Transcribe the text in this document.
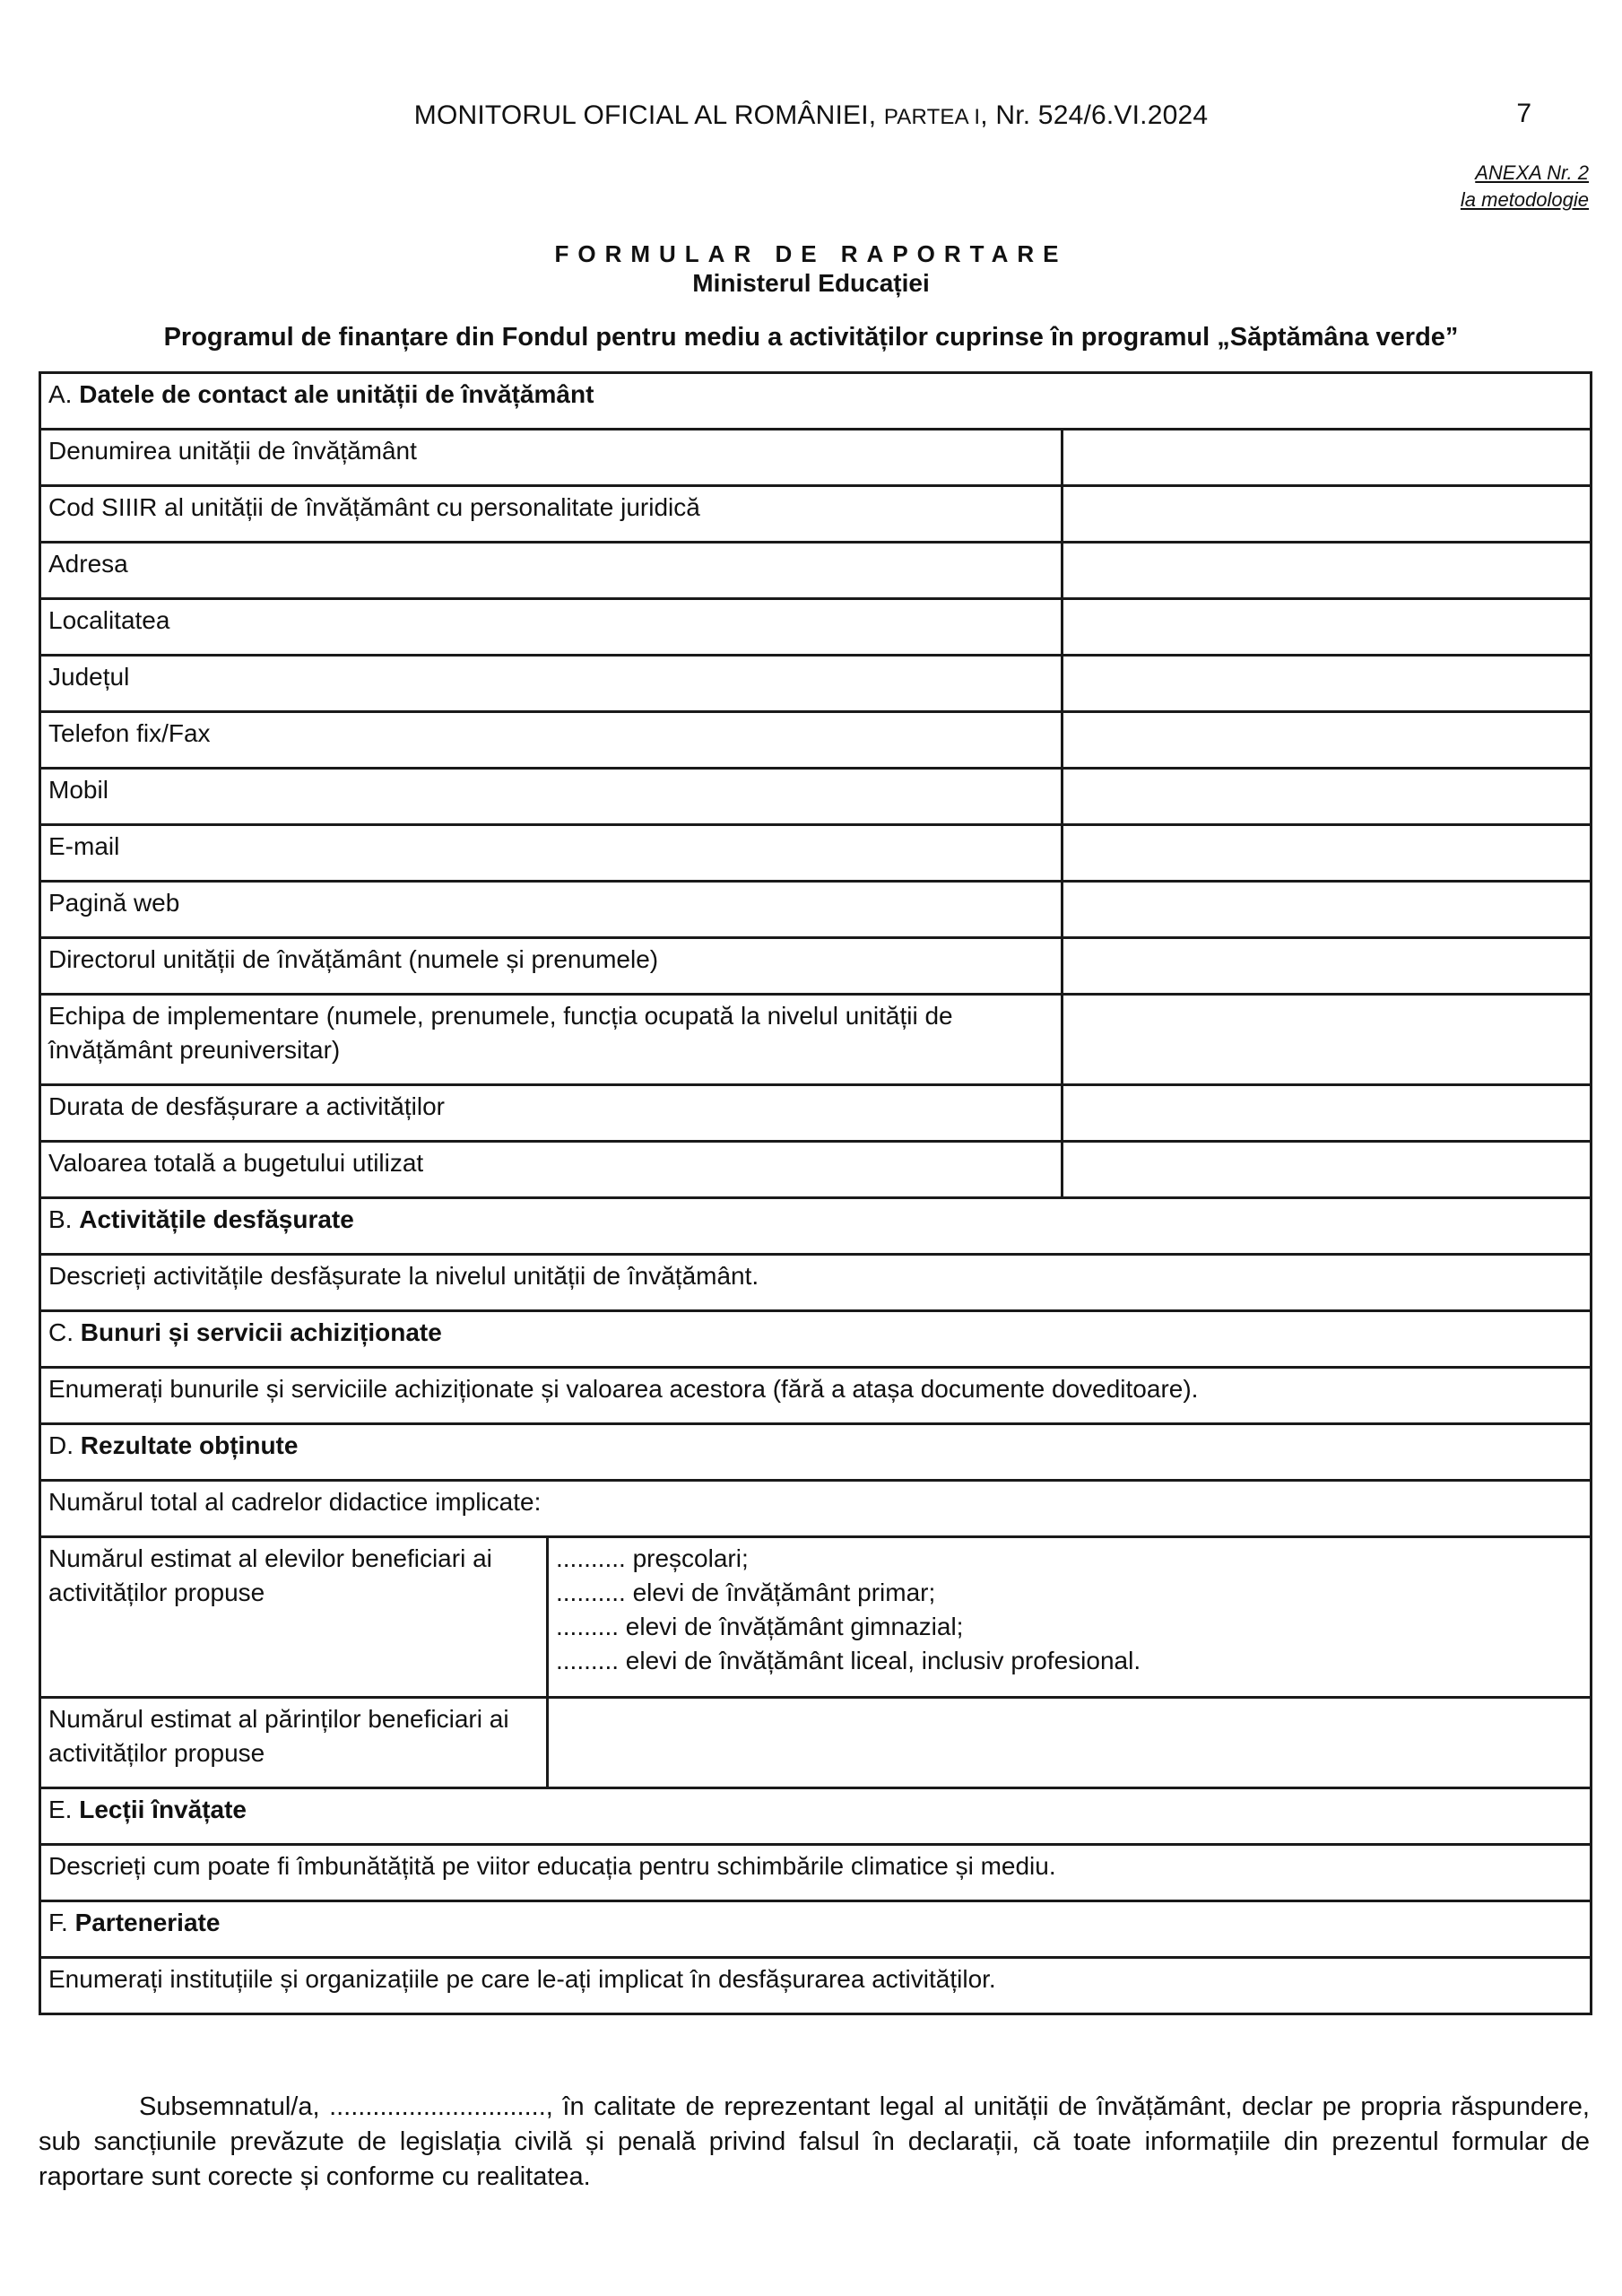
MONITORUL OFICIAL AL ROMÂNIEI, PARTEA I, Nr. 524/6.VI.2024	7
ANEXA Nr. 2
la metodologie
FORMULAR DE RAPORTARE
Ministerul Educației
Programul de finanțare din Fondul pentru mediu a activităților cuprinse în programul „Săptămâna verde”
A. Datele de contact ale unității de învățământ		
Denumirea unității de învățământ		
Cod SIIIR al unității de învățământ cu personalitate juridică		
Adresa		
Localitatea		
Județul		
Telefon fix/Fax		
Mobil		
E-mail		
Pagină web		
Directorul unității de învățământ (numele și prenumele)		
Echipa de implementare (numele, prenumele, funcția ocupată la nivelul unității de învățământ preuniversitar)		
Durata de desfășurare a activităților		
Valoarea totală a bugetului utilizat		
B. Activitățile desfășurate		
Descrieți activitățile desfășurate la nivelul unității de învățământ.		
C. Bunuri și servicii achiziționate		
Enumerați bunurile și serviciile achiziționate și valoarea acestora (fără a atașa documente doveditoare).		
D. Rezultate obținute		
Numărul total al cadrelor didactice implicate:		
Numărul estimat al elevilor beneficiari ai activităților propuse	.......... preșcolari;
.......... elevi de învățământ primar;
......... elevi de învățământ gimnazial;
......... elevi de învățământ liceal, inclusiv profesional.	

Numărul estimat al părinților beneficiari ai activităților propuse		
E. Lecții învățate		
Descrieți cum poate fi îmbunătățită pe viitor educația pentru schimbările climatice și mediu.		
F. Parteneriate		
Enumerați instituțiile și organizațiile pe care le-ați implicat în desfășurarea activităților.		
Subsemnatul/a, .............................., în calitate de reprezentant legal al unității de învățământ, declar pe propria răspundere, sub sancțiunile prevăzute de legislația civilă și penală privind falsul în declarații, că toate informațiile din prezentul formular de raportare sunt corecte și conforme cu realitatea.
